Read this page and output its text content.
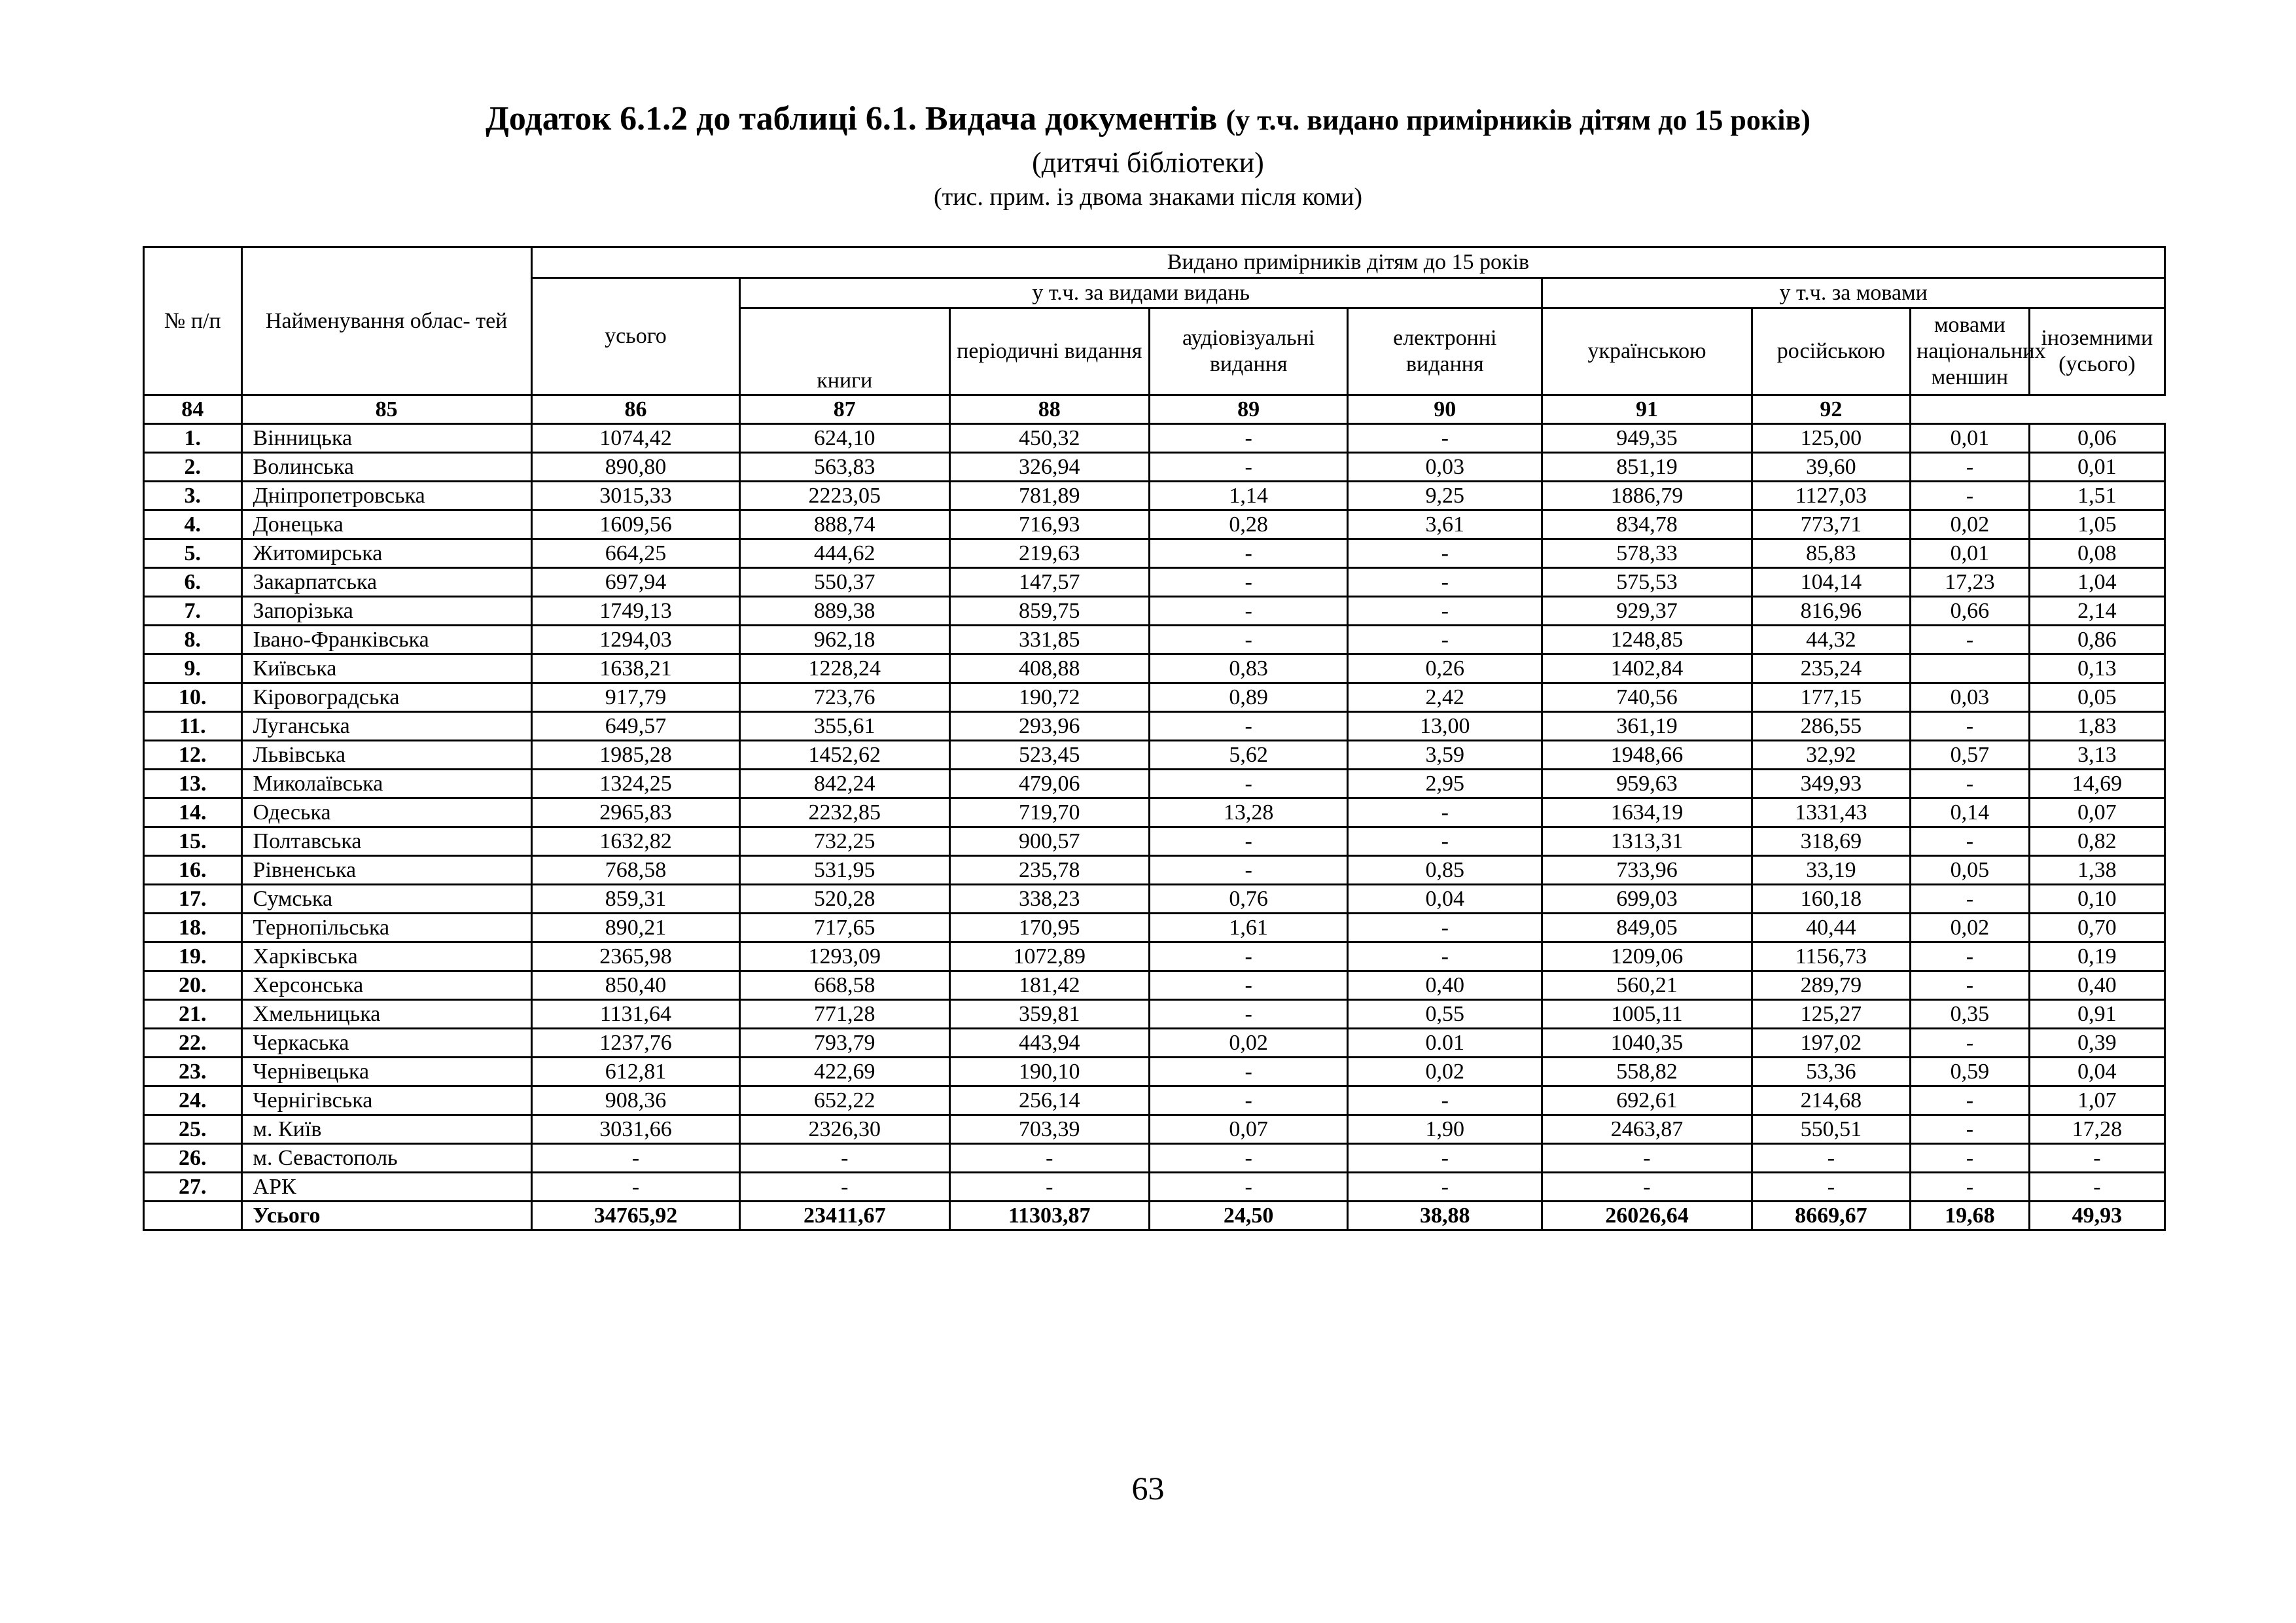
Додаток 6.1.2 до таблиці 6.1. Видача документів (у т.ч. видано примірників дітям до 15 років)
(дитячі бібліотеки)
(тис. прим. із двома знаками після коми)
№ п/п	Найменування облас- тей	Видано примірників дітям до 15 років								
		усього	у т.ч. за видами видань				у т.ч. за мовами			
			книги	періодичні видання	аудіовізуальні видання	електронні видання	українською	російською	мовами національних меншин	іноземними (усього)
84	85	86	87	88	89	90	91	92		
1.	Вінницька	1074,42	624,10	450,32	-	-	949,35	125,00	0,01	0,06
2.	Волинська	890,80	563,83	326,94	-	0,03	851,19	39,60	-	0,01
3.	Дніпропетровська	3015,33	2223,05	781,89	1,14	9,25	1886,79	1127,03	-	1,51
4.	Донецька	1609,56	888,74	716,93	0,28	3,61	834,78	773,71	0,02	1,05
5.	Житомирська	664,25	444,62	219,63	-	-	578,33	85,83	0,01	0,08
6.	Закарпатська	697,94	550,37	147,57	-	-	575,53	104,14	17,23	1,04
7.	Запорізька	1749,13	889,38	859,75	-	-	929,37	816,96	0,66	2,14
8.	Івано-Франківська	1294,03	962,18	331,85	-	-	1248,85	44,32	-	0,86
9.	Київська	1638,21	1228,24	408,88	0,83	0,26	1402,84	235,24		0,13
10.	Кіровоградська	917,79	723,76	190,72	0,89	2,42	740,56	177,15	0,03	0,05
11.	Луганська	649,57	355,61	293,96	-	13,00	361,19	286,55	-	1,83
12.	Львівська	1985,28	1452,62	523,45	5,62	3,59	1948,66	32,92	0,57	3,13
13.	Миколаївська	1324,25	842,24	479,06	-	2,95	959,63	349,93	-	14,69
14.	Одеська	2965,83	2232,85	719,70	13,28	-	1634,19	1331,43	0,14	0,07
15.	Полтавська	1632,82	732,25	900,57	-	-	1313,31	318,69	-	0,82
16.	Рівненська	768,58	531,95	235,78	-	0,85	733,96	33,19	0,05	1,38
17.	Сумська	859,31	520,28	338,23	0,76	0,04	699,03	160,18	-	0,10
18.	Тернопільська	890,21	717,65	170,95	1,61	-	849,05	40,44	0,02	0,70
19.	Харківська	2365,98	1293,09	1072,89	-	-	1209,06	1156,73	-	0,19
20.	Херсонська	850,40	668,58	181,42	-	0,40	560,21	289,79	-	0,40
21.	Хмельницька	1131,64	771,28	359,81	-	0,55	1005,11	125,27	0,35	0,91
22.	Черкаська	1237,76	793,79	443,94	0,02	0.01	1040,35	197,02	-	0,39
23.	Чернівецька	612,81	422,69	190,10	-	0,02	558,82	53,36	0,59	0,04
24.	Чернігівська	908,36	652,22	256,14	-	-	692,61	214,68	-	1,07
25.	м. Київ	3031,66	2326,30	703,39	0,07	1,90	2463,87	550,51	-	17,28
26.	м. Севастополь	-	-	-	-	-	-	-	-	-
27.	АРК	-	-	-	-	-	-	-	-	-
	Усього	34765,92	23411,67	11303,87	24,50	38,88	26026,64	8669,67	19,68	49,93
63
